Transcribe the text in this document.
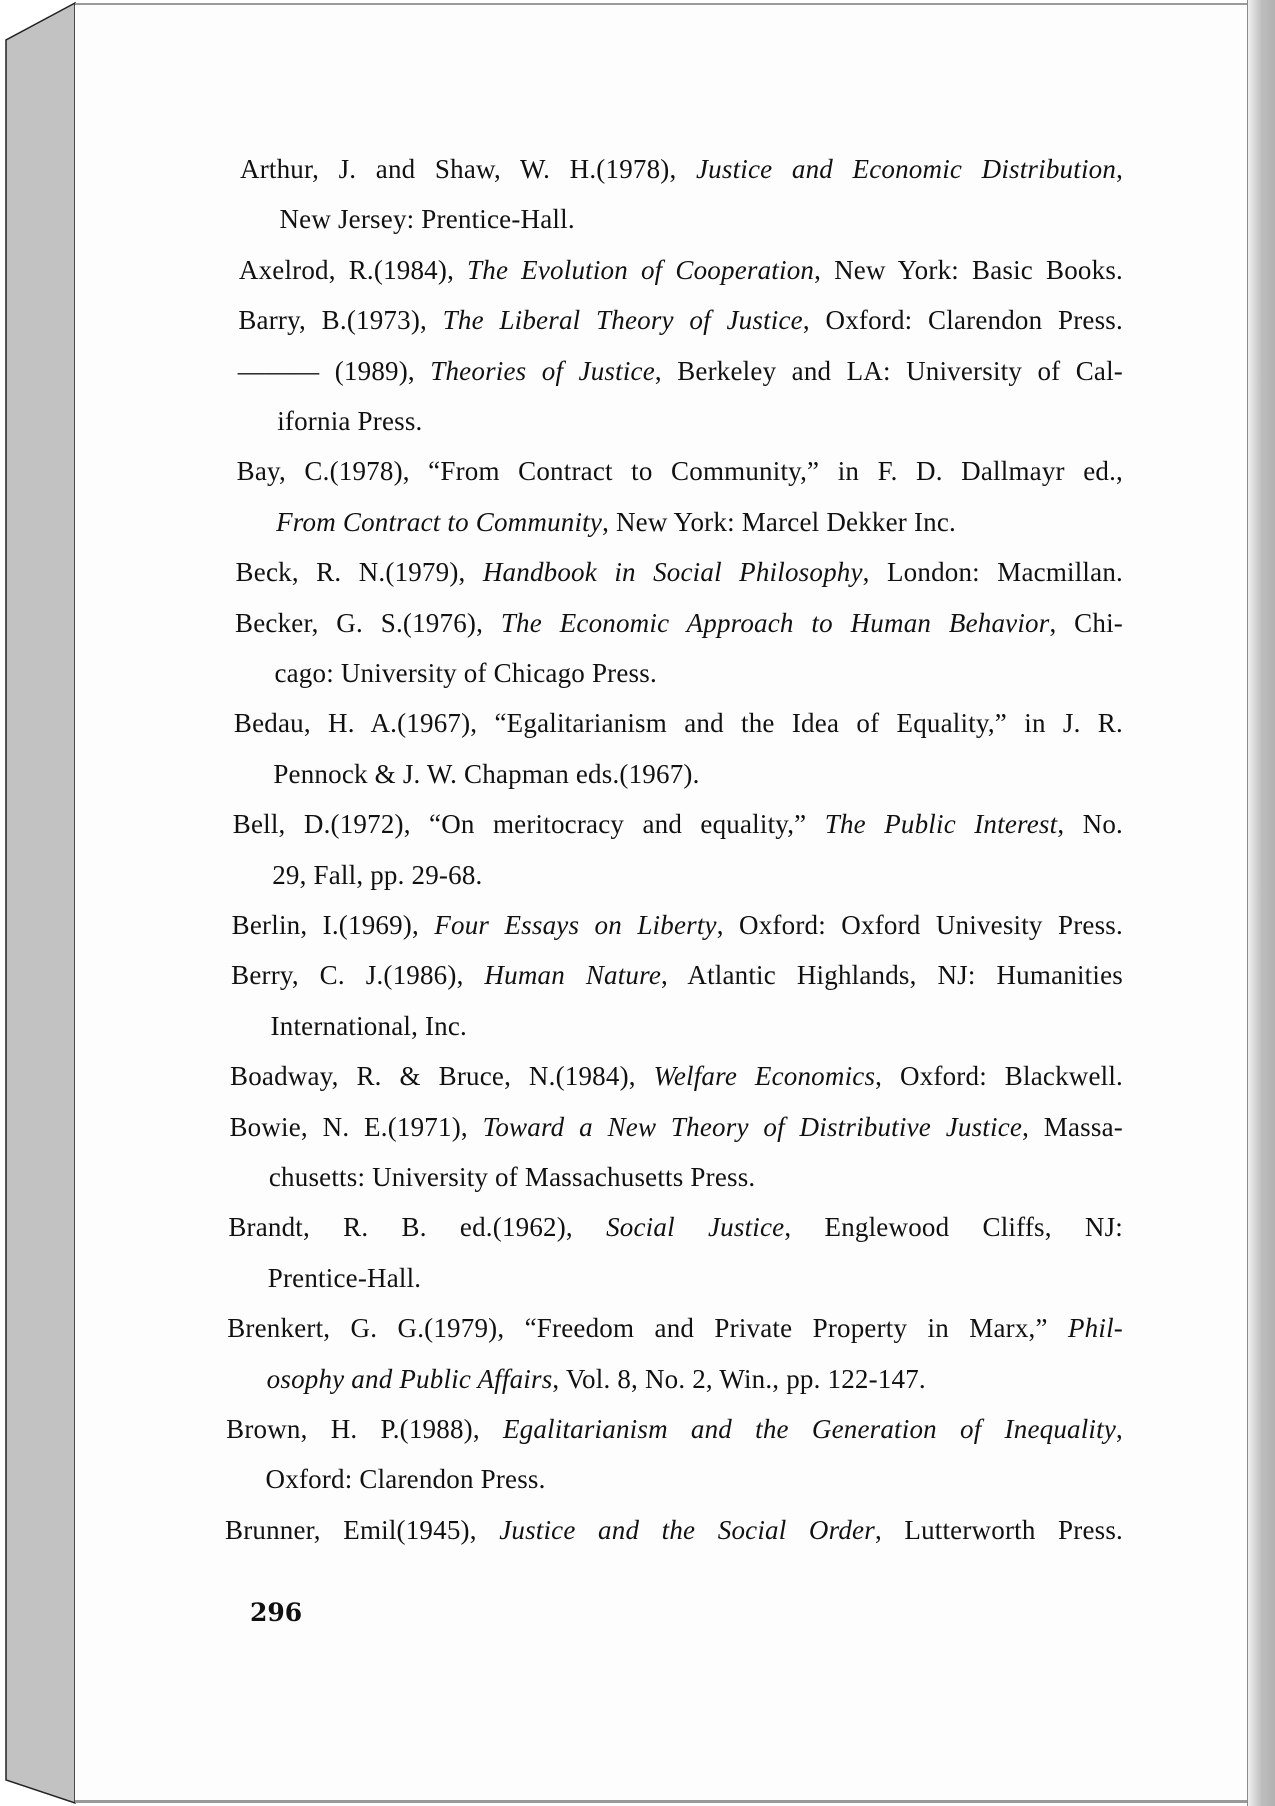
Arthur, J. and Shaw, W. H.(1978), Justice and Economic Distribution,
New Jersey: Prentice-Hall.
Axelrod, R.(1984), The Evolution of Cooperation, New York: Basic Books.
Barry, B.(1973), The Liberal Theory of Justice, Oxford: Clarendon Press.
——— (1989), Theories of Justice, Berkeley and LA: University of Cal-
ifornia Press.
Bay, C.(1978), “From Contract to Community,” in F. D. Dallmayr ed.,
From Contract to Community, New York: Marcel Dekker Inc.
Beck, R. N.(1979), Handbook in Social Philosophy, London: Macmillan.
Becker, G. S.(1976), The Economic Approach to Human Behavior, Chi-
cago: University of Chicago Press.
Bedau, H. A.(1967), “Egalitarianism and the Idea of Equality,” in J. R.
Pennock & J. W. Chapman eds.(1967).
Bell, D.(1972), “On meritocracy and equality,” The Public Interest, No.
29, Fall, pp. 29-68.
Berlin, I.(1969), Four Essays on Liberty, Oxford: Oxford Univesity Press.
Berry, C. J.(1986), Human Nature, Atlantic Highlands, NJ: Humanities
International, Inc.
Boadway, R. & Bruce, N.(1984), Welfare Economics, Oxford: Blackwell.
Bowie, N. E.(1971), Toward a New Theory of Distributive Justice, Massa-
chusetts: University of Massachusetts Press.
Brandt, R. B. ed.(1962), Social Justice, Englewood Cliffs, NJ:
Prentice-Hall.
Brenkert, G. G.(1979), “Freedom and Private Property in Marx,” Phil-
osophy and Public Affairs, Vol. 8, No. 2, Win., pp. 122-147.
Brown, H. P.(1988), Egalitarianism and the Generation of Inequality,
Oxford: Clarendon Press.
Brunner, Emil(1945), Justice and the Social Order, Lutterworth Press.
296
